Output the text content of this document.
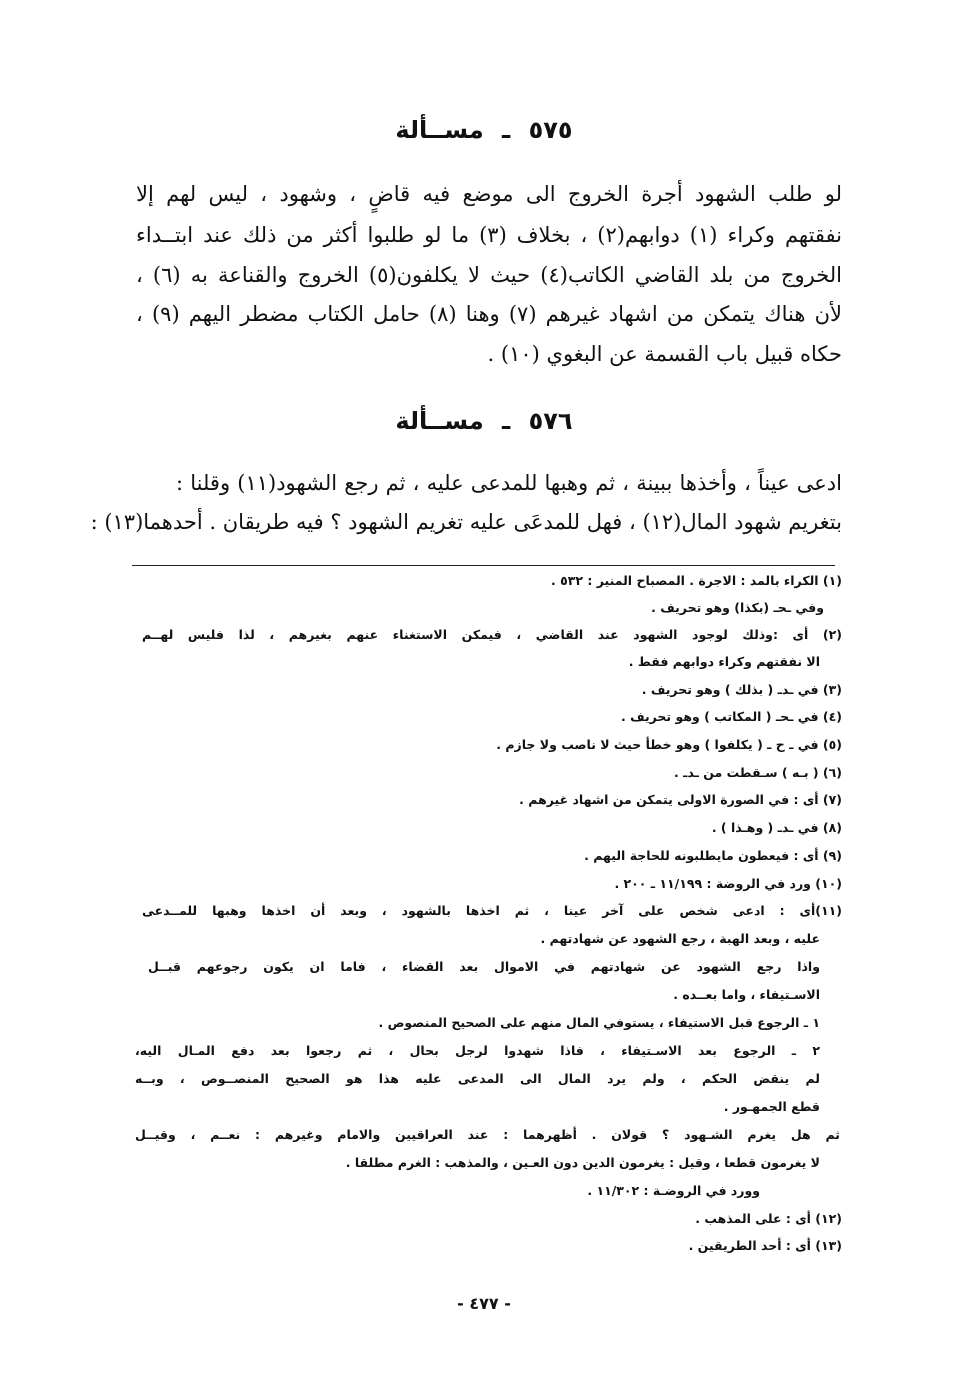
٥٧٥ ـ مســألة
لو طلب الشهود أجرة الخروج الى موضع فيه قاضٍ ، وشهود ، ليس لهم إلا
نفقتهم وكراء (١) دوابهم(٢) ، بخلاف (٣) ما لو طلبوا أكثر من ذلك عند ابتــداء
الخروج من بلد القاضي الكاتب(٤) حيث لا يكلفون(٥) الخروج والقناعة به (٦) ،
لأن هناك يتمكن من اشهاد غيرهم (٧) وهنا (٨) حامل الكتاب مضطر اليهم (٩) ،
حكاه قبيل باب القسمة عن البغوي (١٠) .
٥٧٦ ـ مســألة
ادعى عيناً ، وأخذها ببينة ، ثم وهبها للمدعى عليه ، ثم رجع الشهود(١١) وقلنا :
بتغريم شهود المال(١٢) ، فهل للمدعَى عليه تغريم الشهود ؟ فيه طريقان . أحدهما(١٣) :
(١) الكراء بالمد : الاجرة . المصباح المنير : ٥٣٢ .
وفي ـحـ (بكذا) وهو تحريف .
(٢) أى :وذلك لوجود الشهود عند القاضي ، فيمكن الاستغناء عنهم بغيرهم ، لذا فليس لهــم
الا نفقتهم وكراء دوابهم فقط .
(٣) في ـدـ ( بذلك ) وهو تحريف .
(٤) في ـحـ ( المكاتب ) وهو تحريف .
(٥) في ـ ح ـ ( يكلفوا ) وهو خطأ حيث لا ناصب ولا جازم .
(٦) ( بـه ) سـقطت من ـدـ .
(٧) أى : في الصورة الاولى يتمكن من اشهاد غيرهم .
(٨) في ـدـ ( وهـذا ) .
(٩) أى : فيعطون مايطلبونه للحاجة اليهم .
(١٠) ورد في الروضة : ١١/١٩٩ ـ ٢٠٠ .
(١١)أى : ادعى شخص على آخر عينا ، ثم اخذها بالشهود ، وبعد أن اخذها وهبها للمــدعى
عليه ، وبعد الهبة ، رجع الشهود عن شهادتهم .
واذا رجع الشهود عن شهادتهم في الاموال بعد القضاء ، فاما ان يكون رجوعهم قبــل
الاسـتيفاء ، واما بعــده .
١ ـ الرجوع قبل الاستيفاء ، يستوفي المال منهم على الصحيح المنصوص .
٢ ـ الرجوع بعد الاسـتيفاء ، فاذا شهدوا لرجل بحال ، ثم رجعوا بعد دفع المـال اليه،
لم ينقض الحكم ، ولم يرد المال الى المدعى عليه هذا هو الصحيح المنصــوص ، وبــه
قطع الجمهـور .
ثم هل يغرم الشـهود ؟ قولان . أظهرهما : عند العراقيين والامام وغيرهم : نعــم ، وقيــل
لا يغرمون قطعا ، وقيل : يغرمون الدين دون العـين ، والمذهب : الغرم مطلقا .
وورد في الروضـة : ١١/٣٠٢ .
(١٢) أى : على المذهب .
(١٣) أى : أحد الطريقين .
- ٤٧٧ -
